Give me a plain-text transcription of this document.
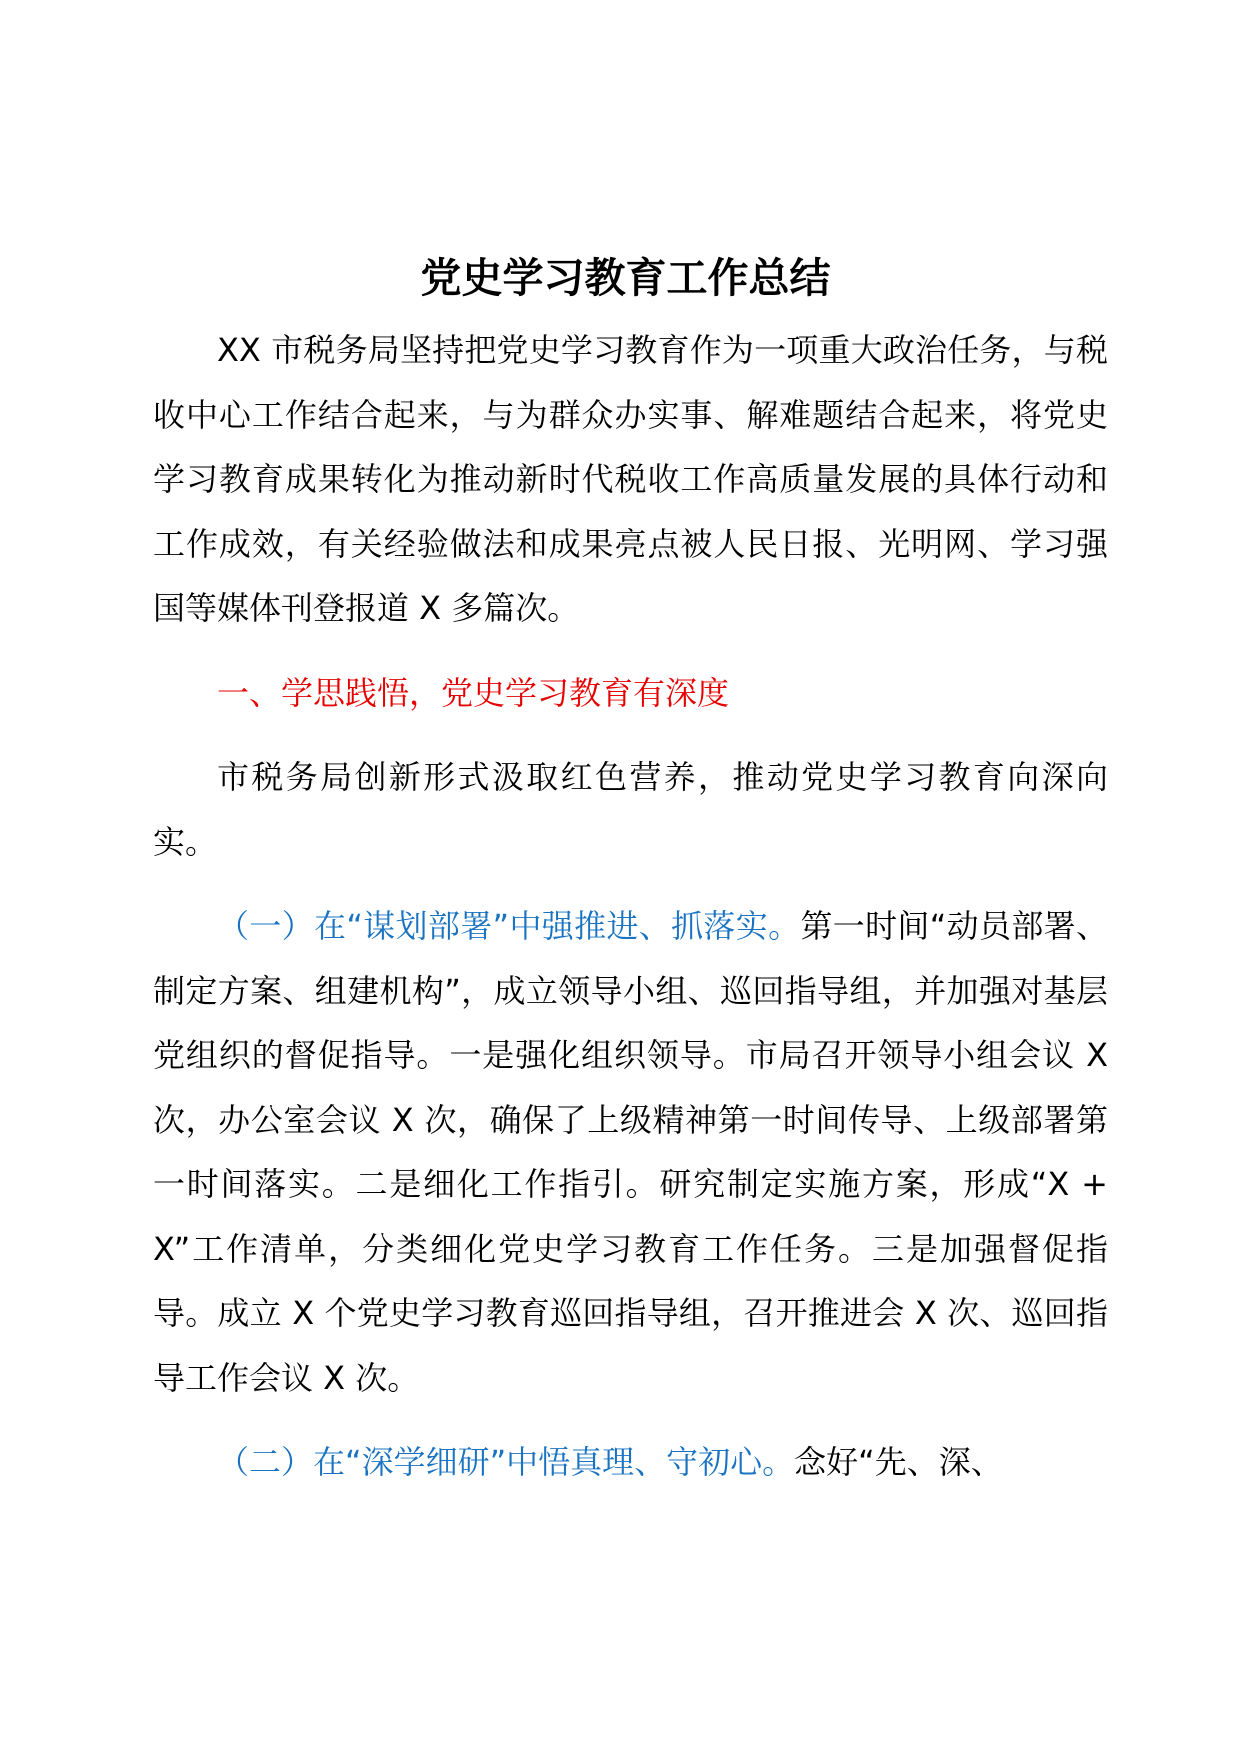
党史学习教育工作总结

XX 市税务局坚持把党史学习教育作为一项重大政治任务，与税收中心工作结合起来，与为群众办实事、解难题结合起来，将党史学习教育成果转化为推动新时代税收工作高质量发展的具体行动和工作成效，有关经验做法和成果亮点被人民日报、光明网、学习强国等媒体刊登报道 X 多篇次。

一、学思践悟，党史学习教育有深度

市税务局创新形式汲取红色营养，推动党史学习教育向深向实。

（一）在“谋划部署”中强推进、抓落实。第一时间“动员部署、制定方案、组建机构”，成立领导小组、巡回指导组，并加强对基层党组织的督促指导。一是强化组织领导。市局召开领导小组会议 X 次，办公室会议 X 次，确保了上级精神第一时间传导、上级部署第一时间落实。二是细化工作指引。研究制定实施方案，形成“X + X”工作清单，分类细化党史学习教育工作任务。三是加强督促指导。成立 X 个党史学习教育巡回指导组，召开推进会 X 次、巡回指导工作会议 X 次。

（二）在“深学细研”中悟真理、守初心。念好“先、深、
